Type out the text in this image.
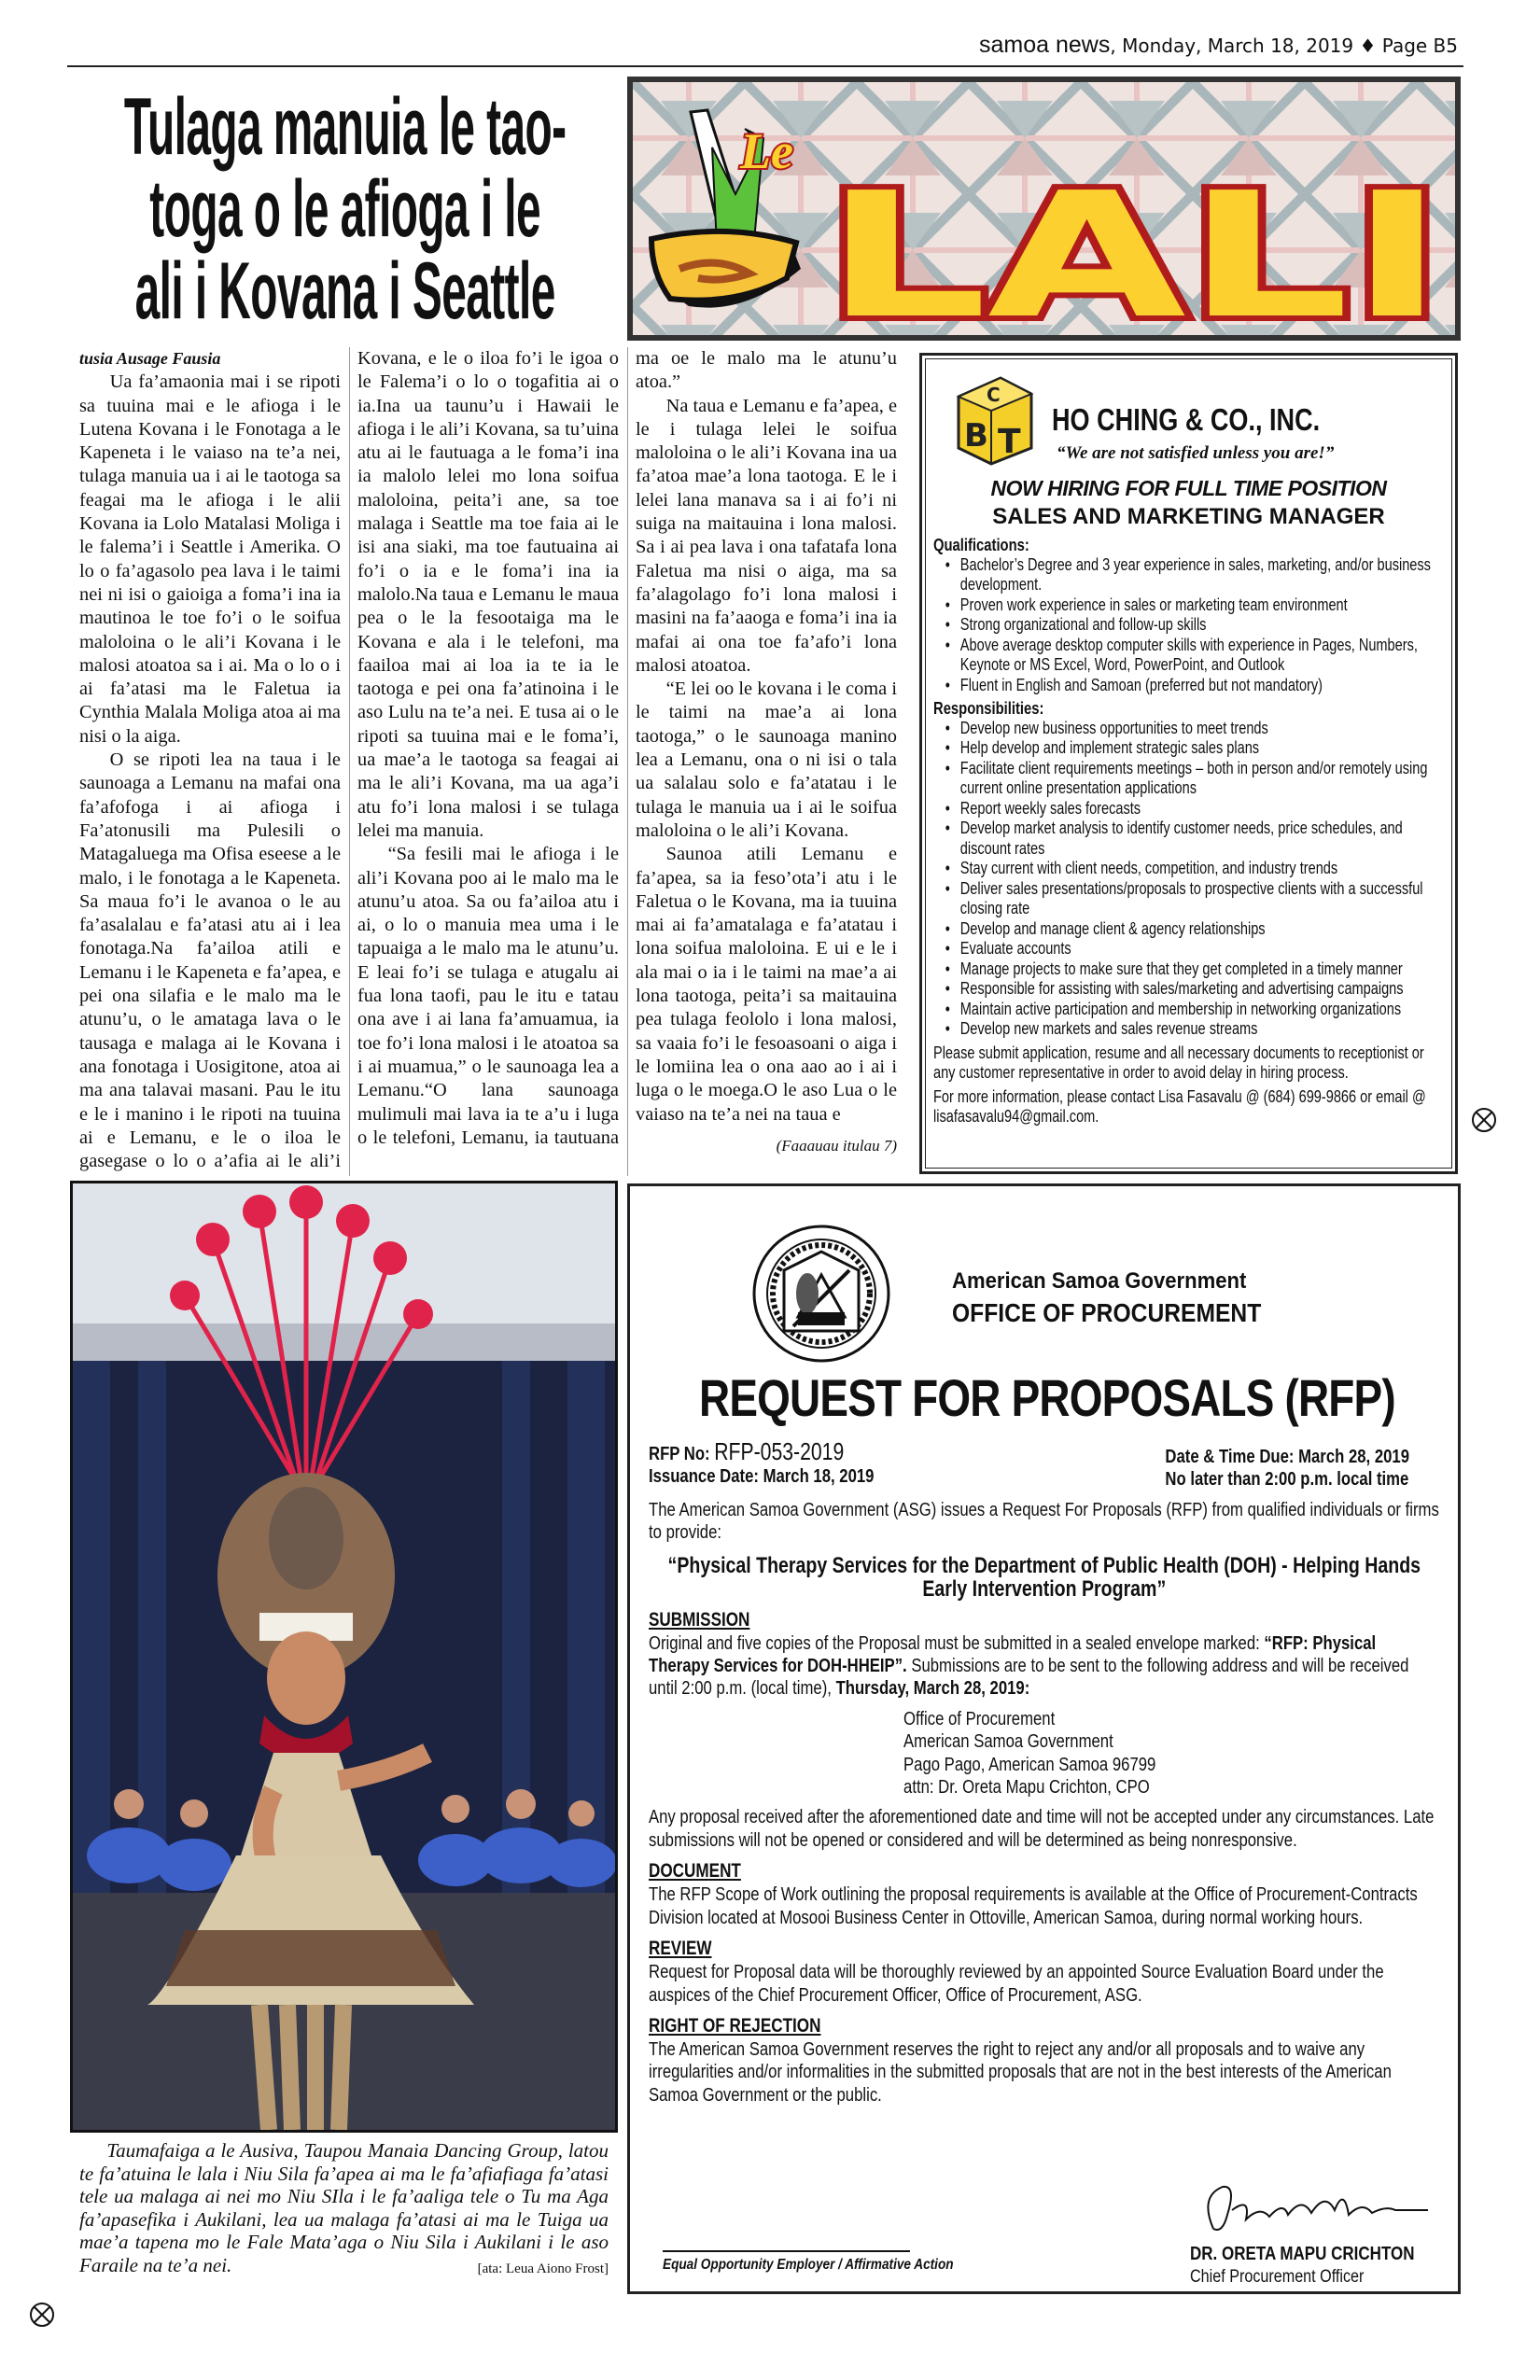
samoa news, Monday, March 18, 2019 ♦ Page B5
Tulaga manuia le tao-
toga o le afioga i le
ali i Kovana i Seattle
Le
LALI

tusia Ausage Fausia

Ua fa’amaonia mai i se ripoti sa tuuina mai e le afioga i le Lutena Kovana i le Fonotaga a le Kapeneta i le vaiaso na te’a nei, tulaga manuia ua i ai le taotoga sa feagai ma le afioga i le alii Kovana ia Lolo Matalasi Moliga i le falema’i i Seattle i Amerika. O lo o fa’agasolo pea lava i le taimi nei ni isi o gaioiga a foma’i ina ia mautinoa le toe fo’i o le soifua maloloina o le ali’i Kovana i le malosi atoatoa sa i ai. Ma o lo o i ai fa’atasi ma le Faletua ia Cynthia Malala Moliga atoa ai ma nisi o la aiga.

O se ripoti lea na taua i le saunoaga a Lemanu na mafai ona fa’afofoga i ai afioga i Fa’atonusili ma Pulesili o Matagaluega ma Ofisa eseese a le malo, i le fonotaga a le Kapeneta. Sa maua fo’i le avanoa o le au fa’asalalau e fa’atasi atu ai i lea fonotaga.Na fa’ailoa atili e Lemanu i le Kapeneta e fa’apea, e pei ona silafia e le malo ma le atunu’u, o le amataga lava o le tausaga e malaga ai le Kovana i ana fonotaga i Uosigitone, atoa ai ma ana talavai masani. Pau le itu e le i manino i le ripoti na tuuina ai e Lemanu, e le o iloa le gasegase o lo o a’afia ai le ali’i Kovana, e le o iloa fo’i le igoa o le Falema’i o lo o togafitia ai o ia.Ina ua taunu’u i Hawaii le afioga i le ali’i Kovana, sa tu’uina atu ai le fautuaga a le foma’i ina ia malolo lelei mo lona soifua maloloina, peita’i ane, sa toe malaga i Seattle ma toe faia ai le isi ana siaki, ma toe fautuaina ai fo’i o ia e le foma’i ina ia malolo.Na taua e Lemanu le maua pea o le la fesootaiga ma le Kovana e ala i le telefoni, ma faailoa mai ai loa ia te ia le taotoga e pei ona fa’atinoina i le aso Lulu na te’a nei. E tusa ai o le ripoti sa tuuina mai e le foma’i, ua mae’a le taotoga sa feagai ai ma le ali’i Kovana, ma ua aga’i atu fo’i lona malosi i se tulaga lelei ma manuia.

“Sa fesili mai le afioga i le ali’i Kovana poo ai le malo ma le atunu’u atoa. Sa ou fa’ailoa atu i ai, o lo o manuia mea uma i le tapuaiga a le malo ma le atunu’u. E leai fo’i se tulaga e atugalu ai fua lona taofi, pau le itu e tatau ona ave i ai lana fa’amuamua, ia toe fo’i lona malosi i le atoatoa sa i ai muamua,” o le saunoaga lea a Lemanu.“O lana saunoaga mulimuli mai lava ia te a’u i luga o le telefoni, Lemanu, ia tautuana ma oe le malo ma le atunu’u atoa.”

Na taua e Lemanu e fa’apea, e le i tulaga lelei le soifua maloloina o le ali’i Kovana ina ua fa’atoa mae’a lona taotoga. E le i lelei lana manava sa i ai fo’i ni suiga na maitauina i lona malosi. Sa i ai pea lava i ona tafatafa lona Faletua ma nisi o aiga, ma sa fa’alagolago fo’i lona malosi i masini na fa’aaoga e foma’i ina ia mafai ai ona toe fa’afo’i lona malosi atoatoa.

“E lei oo le kovana i le coma i le taimi na mae’a ai lona taotoga,” o le saunoaga manino lea a Lemanu, ona o ni isi o tala ua salalau solo e fa’atatau i le tulaga le manuia ua i ai le soifua maloloina o le ali’i Kovana.

Saunoa atili Lemanu e fa’apea, sa ia feso’ota’i atu i le Faletua o le Kovana, ma ia tuuina mai ai fa’amatalaga e fa’atatau i lona soifua maloloina. E ui e le i ala mai o ia i le taimi na mae’a ai lona taotoga, peita’i sa maitauina pea tulaga feololo i lona malosi, sa vaaia fo’i le fesoasoani o aiga i le lomiina lea o ona aao ao i ai i luga o le moega.O le aso Lua o le vaiaso na te’a nei na taua e

(Faaauau itulau 7)

C
B T
HO CHING & CO., INC.
“We are not satisfied unless you are!”
NOW HIRING FOR FULL TIME POSITION
SALES AND MARKETING MANAGER
Qualifications:
• Bachelor’s Degree and 3 year experience in sales, marketing, and/or business development.
• Proven work experience in sales or marketing team environment
• Strong organizational and follow-up skills
• Above average desktop computer skills with experience in Pages, Numbers, Keynote or MS Excel, Word, PowerPoint, and Outlook
• Fluent in English and Samoan (preferred but not mandatory)
Responsibilities:
• Develop new business opportunities to meet trends
• Help develop and implement strategic sales plans
• Facilitate client requirements meetings – both in person and/or remotely using current online presentation applications
• Report weekly sales forecasts
• Develop market analysis to identify customer needs, price schedules, and discount rates
• Stay current with client needs, competition, and industry trends
• Deliver sales presentations/proposals to prospective clients with a successful closing rate
• Develop and manage client & agency relationships
• Evaluate accounts
• Manage projects to make sure that they get completed in a timely manner
• Responsible for assisting with sales/marketing and advertising campaigns
• Maintain active participation and membership in networking organizations
• Develop new markets and sales revenue streams

Please submit application, resume and all necessary documents to receptionist or any customer representative in order to avoid delay in hiring process.

For more information, please contact Lisa Fasavalu @ (684) 699-9866 or email @ lisafasavalu94@gmail.com.

Taumafaiga a le Ausiva, Taupou Manaia Dancing Group, latou te fa’atuina le lala i Niu Sila fa’apea ai ma le fa’afiafiaga fa’atasi tele ua malaga ai nei mo Niu SIla i le fa’aaliga tele o Tu ma Aga fa’apasefika i Aukilani, lea ua malaga fa’atasi ai ma le Tuiga ua mae’a tapena mo le Fale Mata’aga o Niu Sila i Aukilani i le aso Faraile na te’a nei.	[ata: Leua Aiono Frost]
American Samoa Government
OFFICE OF PROCUREMENT
REQUEST FOR PROPOSALS (RFP)
RFP No: RFP-053-2019
Issuance Date: March 18, 2019
Date & Time Due: March 28, 2019
No later than 2:00 p.m. local time

The American Samoa Government (ASG) issues a Request For Proposals (RFP) from qualified individuals or firms to provide:

“Physical Therapy Services for the Department of Public Health (DOH) - Helping Hands Early Intervention Program”
SUBMISSION

Original and five copies of the Proposal must be submitted in a sealed envelope marked: “RFP: Physical Therapy Services for DOH-HHEIP”. Submissions are to be sent to the following address and will be received until 2:00 p.m. (local time), Thursday, March 28, 2019:

Office of Procurement
American Samoa Government
Pago Pago, American Samoa 96799
attn: Dr. Oreta Mapu Crichton, CPO

Any proposal received after the aforementioned date and time will not be accepted under any circumstances. Late submissions will not be opened or considered and will be determined as being nonresponsive.

DOCUMENT

The RFP Scope of Work outlining the proposal requirements is available at the Office of Procurement-Contracts Division located at Mosooi Business Center in Ottoville, American Samoa, during normal working hours.

REVIEW

Request for Proposal data will be thoroughly reviewed by an appointed Source Evaluation Board under the auspices of the Chief Procurement Officer, Office of Procurement, ASG.

RIGHT OF REJECTION

The American Samoa Government reserves the right to reject any and/or all proposals and to waive any irregularities and/or informalities in the submitted proposals that are not in the best interests of the American Samoa Government or the public.

DR. ORETA MAPU CRICHTON
Chief Procurement Officer
Equal Opportunity Employer / Affirmative Action
